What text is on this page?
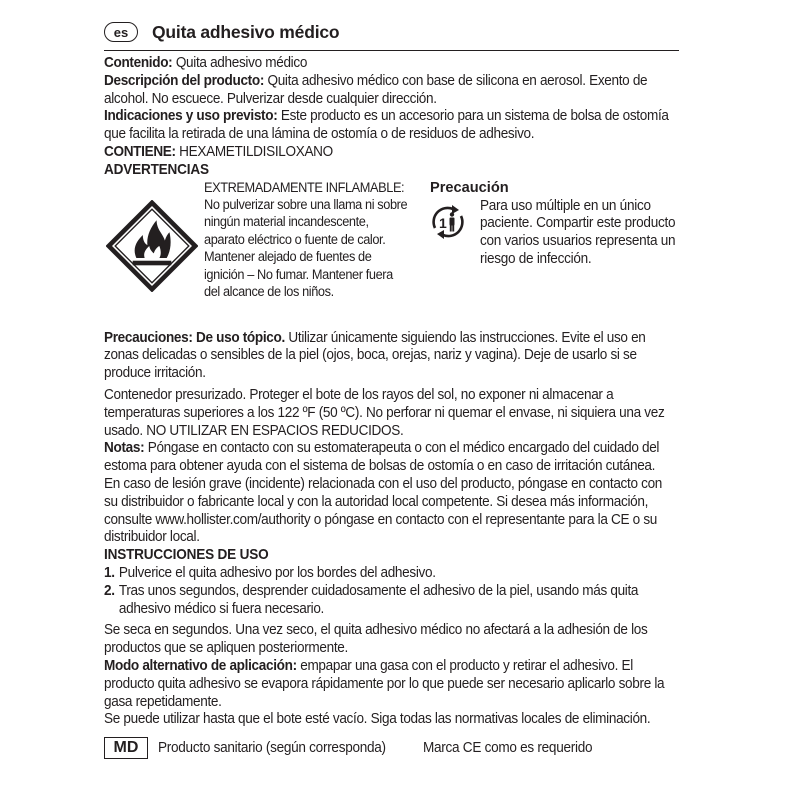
es	Quita adhesivo médico
Contenido: Quita adhesivo médico
Descripción del producto: Quita adhesivo médico con base de silicona en aerosol. Exento de alcohol. No escuece. Pulverizar desde cualquier dirección.
Indicaciones y uso previsto: Este producto es un accesorio para un sistema de bolsa de ostomía que facilita la retirada de una lámina de ostomía o de residuos de adhesivo.
CONTIENE: HEXAMETILDISILOXANO
ADVERTENCIAS
EXTREMADAMENTE INFLAMABLE: No pulverizar sobre una llama ni sobre ningún material incandescente, aparato eléctrico o fuente de calor. Mantener alejado de fuentes de ignición – No fumar. Mantener fuera del alcance de los niños.
Precaución
1
Para uso múltiple en un único paciente. Compartir este producto con varios usuarios representa un riesgo de infección.
Precauciones: De uso tópico. Utilizar únicamente siguiendo las instrucciones. Evite el uso en zonas delicadas o sensibles de la piel (ojos, boca, orejas, nariz y vagina). Deje de usarlo si se produce irritación.
Contenedor presurizado. Proteger el bote de los rayos del sol, no exponer ni almacenar a temperaturas superiores a los 122 ºF (50 ºC). No perforar ni quemar el envase, ni siquiera una vez usado. NO UTILIZAR EN ESPACIOS REDUCIDOS.
Notas: Póngase en contacto con su estomaterapeuta o con el médico encargado del cuidado del estoma para obtener ayuda con el sistema de bolsas de ostomía o en caso de irritación cutánea.
En caso de lesión grave (incidente) relacionada con el uso del producto, póngase en contacto con su distribuidor o fabricante local y con la autoridad local competente. Si desea más información, consulte www.hollister.com/authority o póngase en contacto con el representante para la CE o su distribuidor local.
INSTRUCCIONES DE USO
1. Pulverice el quita adhesivo por los bordes del adhesivo.
2. Tras unos segundos, desprender cuidadosamente el adhesivo de la piel, usando más quita adhesivo médico si fuera necesario.
Se seca en segundos. Una vez seco, el quita adhesivo médico no afectará a la adhesión de los productos que se apliquen posteriormente.
Modo alternativo de aplicación: empapar una gasa con el producto y retirar el adhesivo. El producto quita adhesivo se evapora rápidamente por lo que puede ser necesario aplicarlo sobre la gasa repetidamente.
Se puede utilizar hasta que el bote esté vacío. Siga todas las normativas locales de eliminación.
MD	Producto sanitario (según corresponda)	Marca CE como es requerido
